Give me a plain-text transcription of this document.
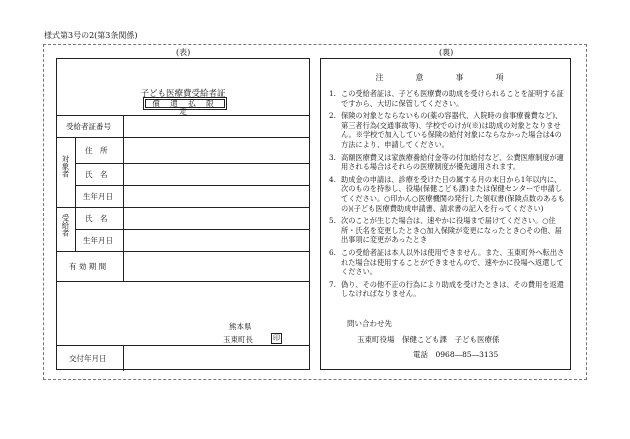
様式第3号の2(第3条関係)
(表)	(裏)
子ども医療費受給者証
償 還 払 限 定
対象者
受給者
受給者証番号
住　所
氏　名
生年月日
氏　名
生年月日
有 効 期 間
交付年月日
熊本県
玉東町長	印
注　意　事　項
1. この受給者証は、子ども医療費の助成を受けられることを証明する証ですから、大切に保管してください。
2. 保険の対象とならないもの(薬の容器代、入院時の食事療養費など)、第三者行為(交通事故等)、学校でのけが(※)は助成の対象となりません。※学校で加入している保険の給付対象にならなかった場合は4の方法により、申請してください。
3. 高額医療費又は家族療養給付金等の付加給付など、公費医療制度が適用される場合はそれらの医療制度が優先適用されます。
4. 助成金の申請は、診療を受けた日の属する月の末日から1年以内に、次のものを持参し、役場(保健こども課)または保健センターで申請してください。○印かん○医療機関の発行した領収書(保険点数のあるもの)(子ども医療費助成申請書、請求書の記入を行ってください)
5. 次のことが生じた場合は、速やかに役場まで届けてください。○住所・氏名を変更したとき○加入保険が変更になったとき○その他、届出事項に変更があったとき
6. この受給者証は本人以外は使用できません。また、玉東町外へ転出された場合は使用することができませんので、速やかに役場へ返還してください。
7. 偽り、その他不正の行為により助成を受けたときは、その費用を返還しなければなりません。
問い合わせ先
玉東町役場　保健こども課　子ども医療係
電話　0968―85―3135
